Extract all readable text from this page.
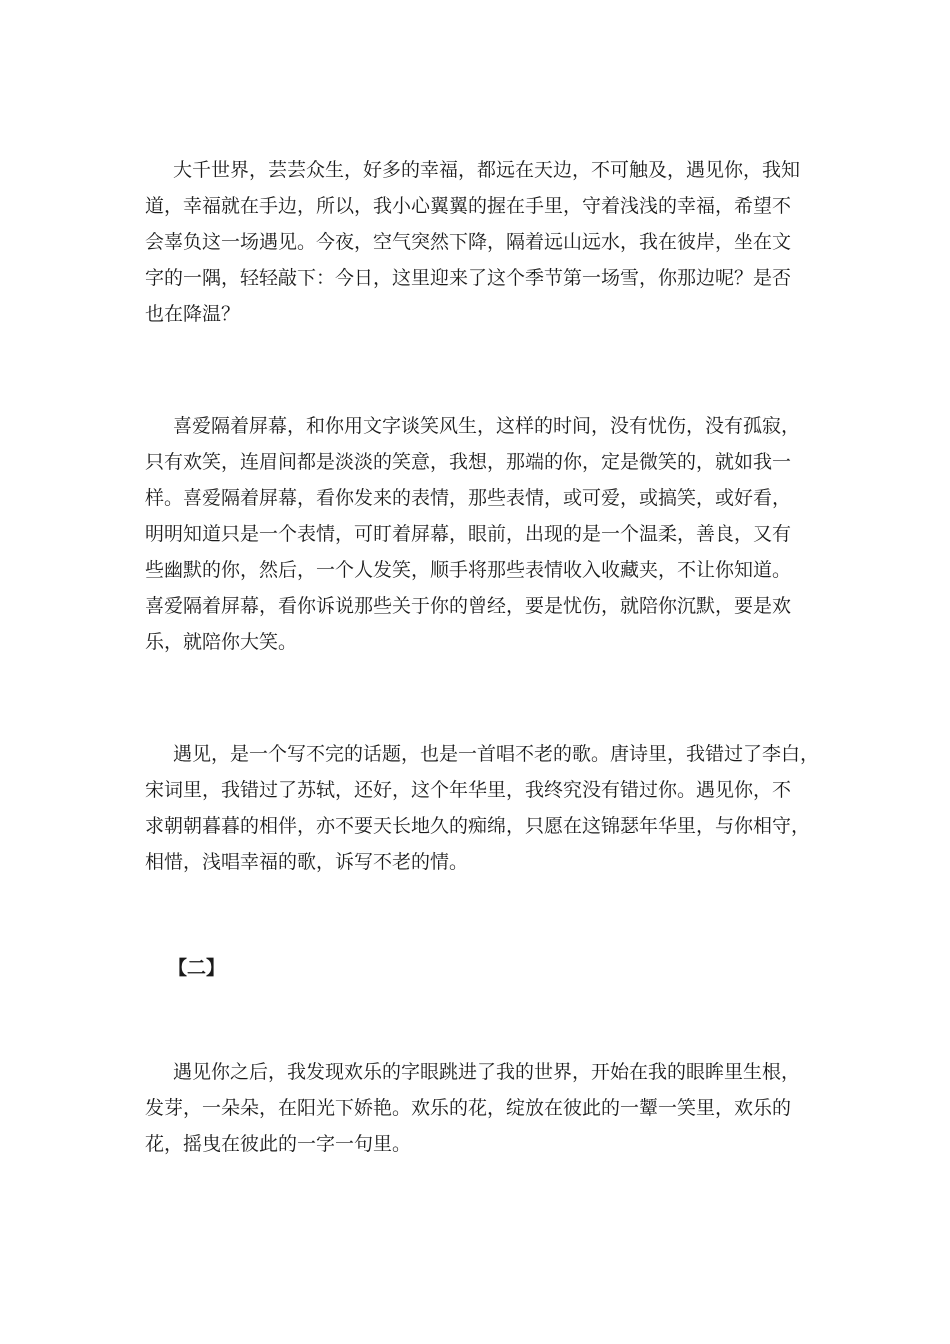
大千世界，芸芸众生，好多的幸福，都远在天边，不可触及，遇见你，我知
道，幸福就在手边，所以，我小心翼翼的握在手里，守着浅浅的幸福，希望不
会辜负这一场遇见。今夜，空气突然下降，隔着远山远水，我在彼岸，坐在文
字的一隅，轻轻敲下：今日，这里迎来了这个季节第一场雪，你那边呢？是否
也在降温？
喜爱隔着屏幕，和你用文字谈笑风生，这样的时间，没有忧伤，没有孤寂，
只有欢笑，连眉间都是淡淡的笑意，我想，那端的你，定是微笑的，就如我一
样。喜爱隔着屏幕，看你发来的表情，那些表情，或可爱，或搞笑，或好看，
明明知道只是一个表情，可盯着屏幕，眼前，出现的是一个温柔，善良，又有
些幽默的你，然后，一个人发笑，顺手将那些表情收入收藏夹，不让你知道。
喜爱隔着屏幕，看你诉说那些关于你的曾经，要是忧伤，就陪你沉默，要是欢
乐，就陪你大笑。
遇见，是一个写不完的话题，也是一首唱不老的歌。唐诗里，我错过了李白，
宋词里，我错过了苏轼，还好，这个年华里，我终究没有错过你。遇见你，不
求朝朝暮暮的相伴，亦不要天长地久的痴绵，只愿在这锦瑟年华里，与你相守，
相惜，浅唱幸福的歌，诉写不老的情。
【二】
遇见你之后，我发现欢乐的字眼跳进了我的世界，开始在我的眼眸里生根，
发芽，一朵朵，在阳光下娇艳。欢乐的花，绽放在彼此的一颦一笑里，欢乐的
花，摇曳在彼此的一字一句里。
